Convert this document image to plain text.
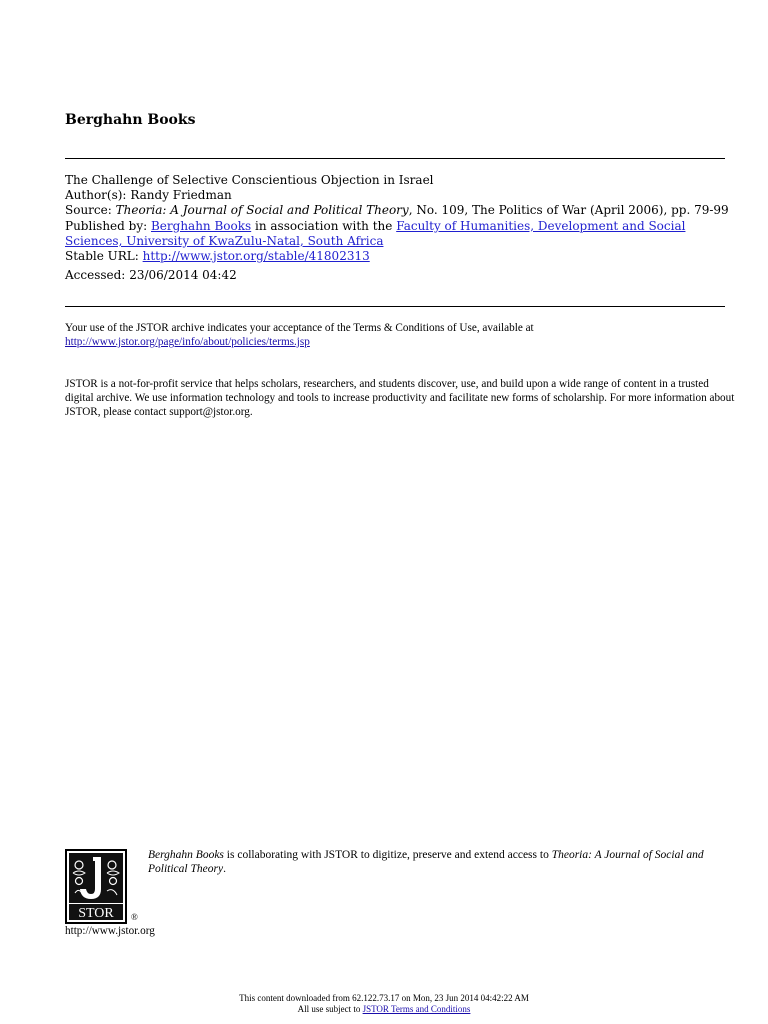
Berghahn Books
The Challenge of Selective Conscientious Objection in Israel
Author(s): Randy Friedman
Source: Theoria: A Journal of Social and Political Theory, No. 109, The Politics of War (April 2006), pp. 79-99
Published by: Berghahn Books in association with the Faculty of Humanities, Development and Social Sciences, University of KwaZulu-Natal, South Africa
Stable URL: http://www.jstor.org/stable/41802313
Accessed: 23/06/2014 04:42
Your use of the JSTOR archive indicates your acceptance of the Terms & Conditions of Use, available at
http://www.jstor.org/page/info/about/policies/terms.jsp
JSTOR is a not-for-profit service that helps scholars, researchers, and students discover, use, and build upon a wide range of content in a trusted digital archive. We use information technology and tools to increase productivity and facilitate new forms of scholarship. For more information about JSTOR, please contact support@jstor.org.
STOR ®
http://www.jstor.org
Berghahn Books is collaborating with JSTOR to digitize, preserve and extend access to Theoria: A Journal of Social and Political Theory.
This content downloaded from 62.122.73.17 on Mon, 23 Jun 2014 04:42:22 AM
All use subject to JSTOR Terms and Conditions
